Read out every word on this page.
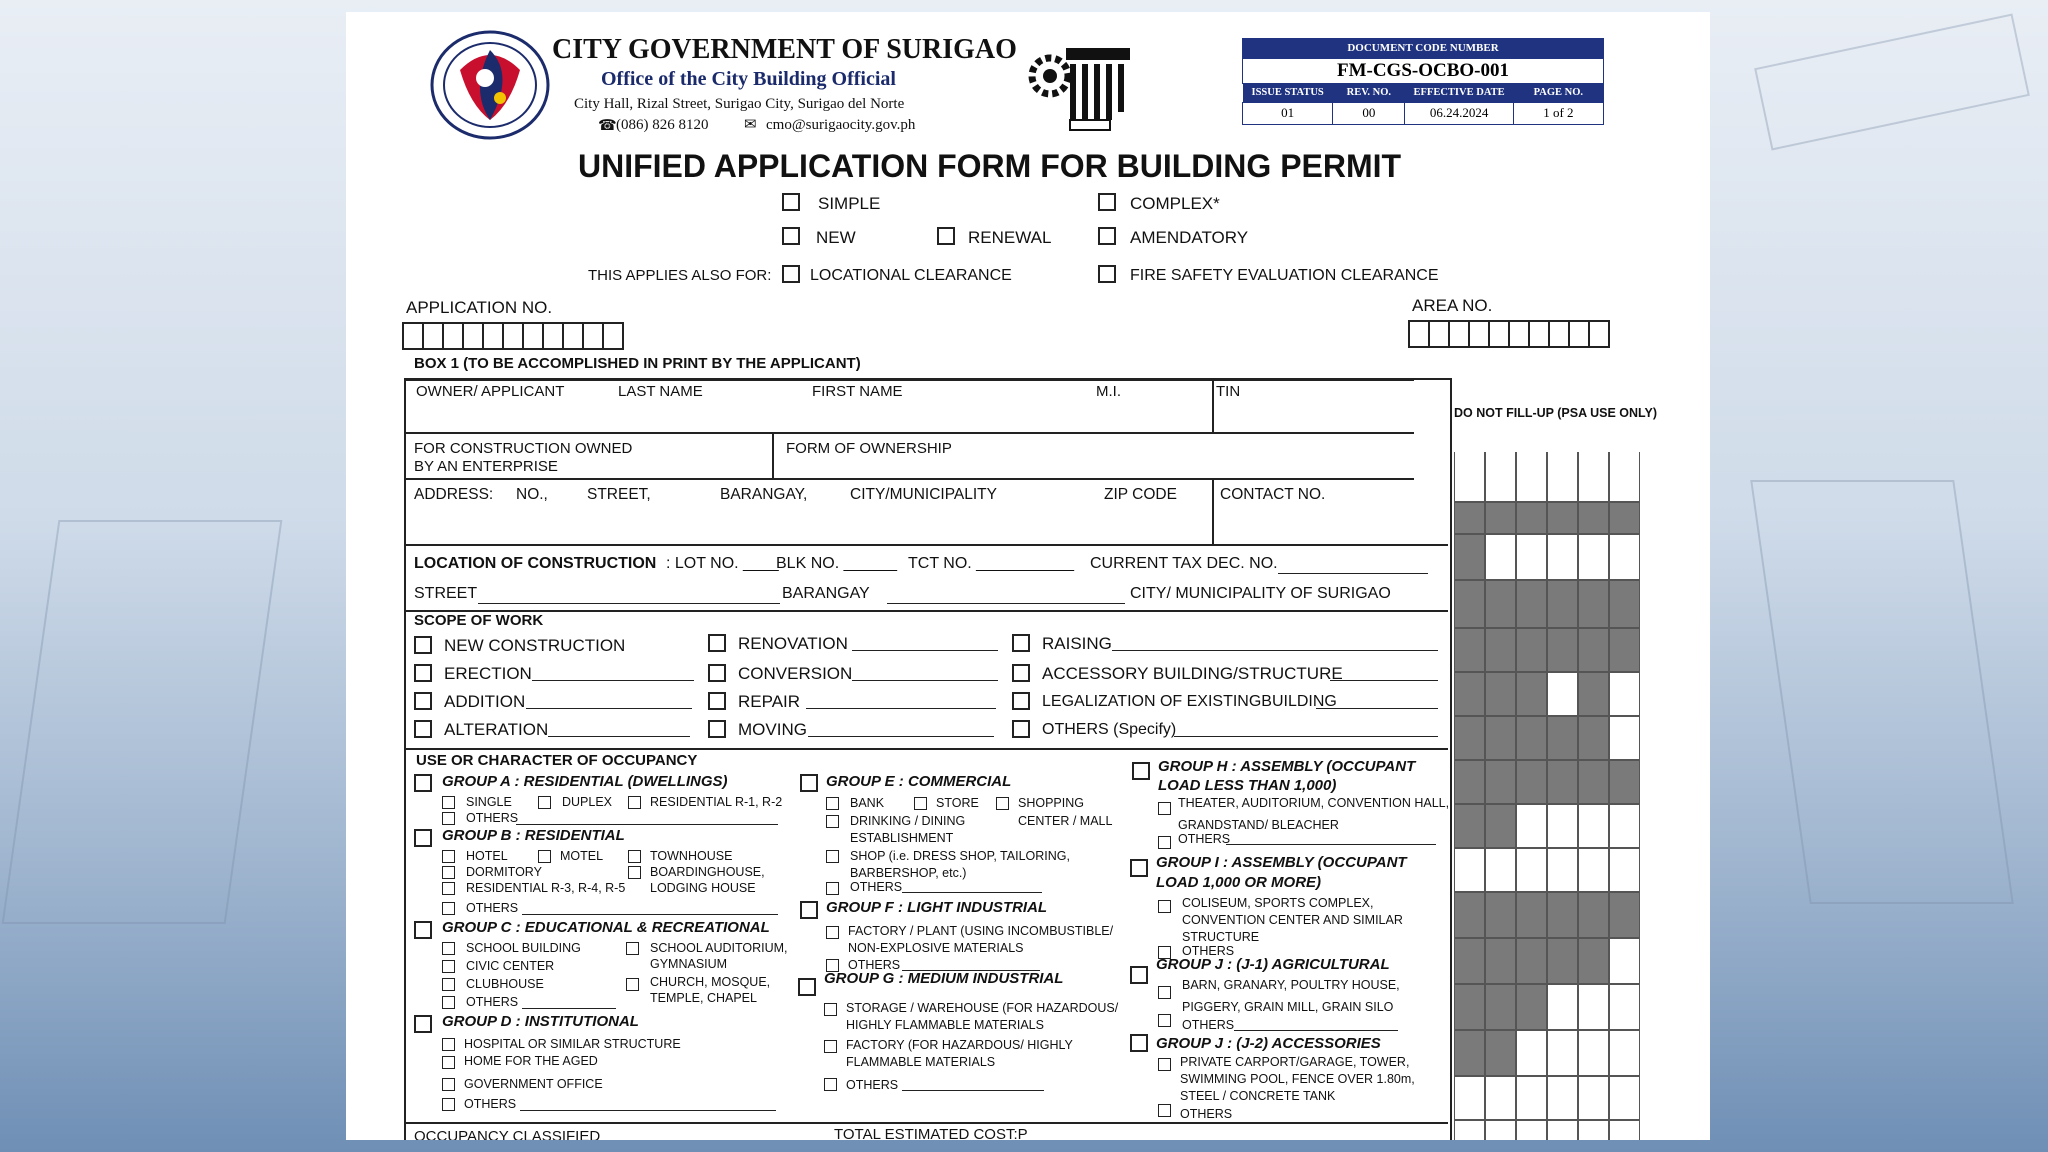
CITY GOVERNMENT OF SURIGAO
Office of the City Building Official
City Hall, Rizal Street, Surigao City, Surigao del Norte
☎ (086) 826 8120 ✉ cmo@surigaocity.gov.ph
DOCUMENT CODE NUMBER
FM-CGS-OCBO-001
ISSUE STATUS	REV. NO.	EFFECTIVE DATE	PAGE NO.
01	00	06.24.2024	1 of 2
UNIFIED APPLICATION FORM FOR BUILDING PERMIT
SIMPLE	COMPLEX*
NEW	RENEWAL	AMENDATORY
THIS APPLIES ALSO FOR: LOCATIONAL CLEARANCE	FIRE SAFETY EVALUATION CLEARANCE
APPLICATION NO.	AREA NO.
BOX 1 (TO BE ACCOMPLISHED IN PRINT BY THE APPLICANT)
DO NOT FILL-UP (PSA USE ONLY)
OWNER/ APPLICANT	LAST NAME	FIRST NAME	M.I.	TIN
FOR CONSTRUCTION OWNED
BY AN ENTERPRISE
FORM OF OWNERSHIP
ADDRESS: NO.,	STREET,	BARANGAY,	CITY/MUNICIPALITY	ZIP CODE	CONTACT NO.
LOCATION OF CONSTRUCTION : LOT NO. ____
BLK NO. ______ TCT NO. ___________ CURRENT TAX DEC. NO.
STREET	BARANGAY	CITY/ MUNICIPALITY OF SURIGAO
SCOPE OF WORK
NEW CONSTRUCTION
ERECTION
ADDITION
ALTERATION
RENOVATION
CONVERSION
REPAIR
MOVING
RAISING
ACCESSORY BUILDING/STRUCTURE
LEGALIZATION OF EXISTINGBUILDING
OTHERS (Specify)
USE OR CHARACTER OF OCCUPANCY
GROUP A : RESIDENTIAL (DWELLINGS)
SINGLE	DUPLEX	RESIDENTIAL R-1, R-2
OTHERS
GROUP B : RESIDENTIAL
HOTEL	MOTEL	TOWNHOUSE
DORMITORY	BOARDINGHOUSE,
RESIDENTIAL R-3, R-4, R-5 LODGING HOUSE
OTHERS
GROUP C : EDUCATIONAL & RECREATIONAL
SCHOOL BUILDING	SCHOOL AUDITORIUM,
GYMNASIUM
CIVIC CENTER
CLUBHOUSE	CHURCH, MOSQUE,
TEMPLE, CHAPEL
OTHERS
GROUP D : INSTITUTIONAL
HOSPITAL OR SIMILAR STRUCTURE
HOME FOR THE AGED
GOVERNMENT OFFICE
OTHERS
GROUP E : COMMERCIAL
BANK	STORE	SHOPPING
CENTER / MALL
DRINKING / DINING
ESTABLISHMENT
SHOP (i.e. DRESS SHOP, TAILORING,
BARBERSHOP, etc.)
OTHERS
GROUP F : LIGHT INDUSTRIAL
FACTORY / PLANT (USING INCOMBUSTIBLE/
NON-EXPLOSIVE MATERIALS
OTHERS
GROUP G : MEDIUM INDUSTRIAL
STORAGE / WAREHOUSE (FOR HAZARDOUS/
HIGHLY FLAMMABLE MATERIALS
FACTORY (FOR HAZARDOUS/ HIGHLY
FLAMMABLE MATERIALS
OTHERS
GROUP H : ASSEMBLY (OCCUPANT
LOAD LESS THAN 1,000)
THEATER, AUDITORIUM, CONVENTION HALL,
GRANDSTAND/ BLEACHER
OTHERS
GROUP I : ASSEMBLY (OCCUPANT
LOAD 1,000 OR MORE)
COLISEUM, SPORTS COMPLEX,
CONVENTION CENTER AND SIMILAR
STRUCTURE
OTHERS
GROUP J : (J-1) AGRICULTURAL
BARN, GRANARY, POULTRY HOUSE,
PIGGERY, GRAIN MILL, GRAIN SILO
OTHERS
GROUP J : (J-2) ACCESSORIES
PRIVATE CARPORT/GARAGE, TOWER,
SWIMMING POOL, FENCE OVER 1.80m,
STEEL / CONCRETE TANK
OTHERS
OCCUPANCY CLASSIFIED	TOTAL ESTIMATED COST:P
